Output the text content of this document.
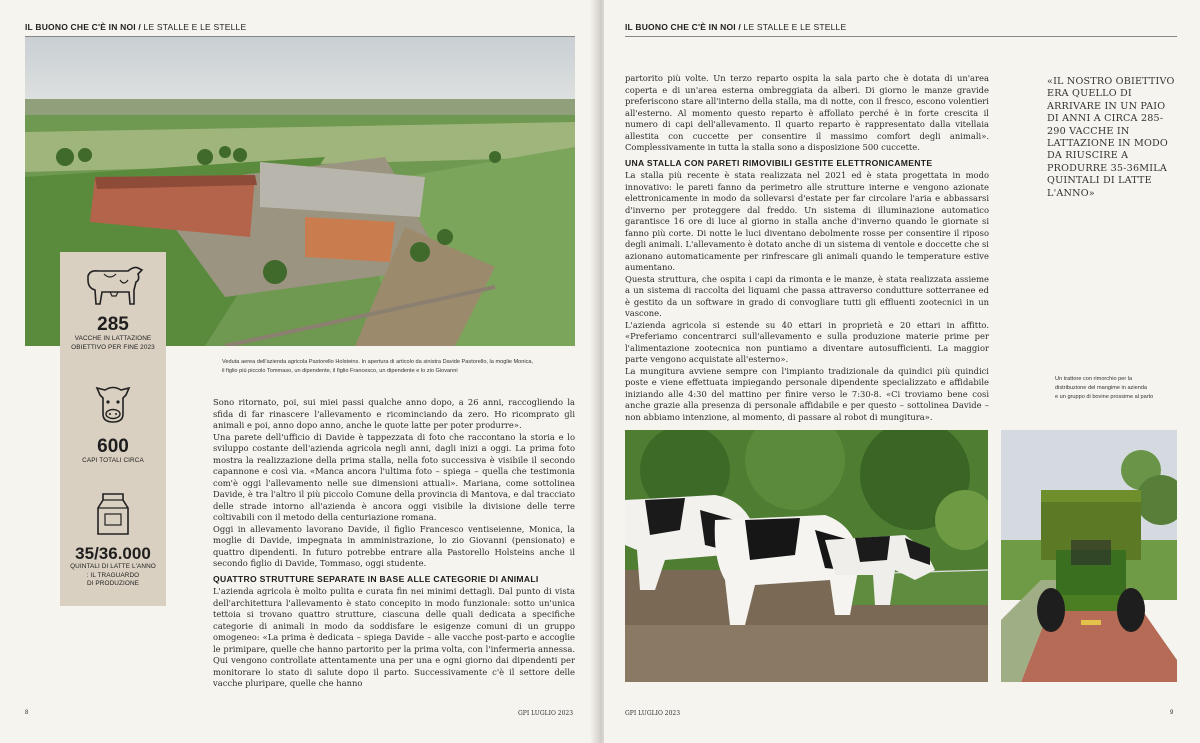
IL BUONO CHE C'È IN NOI / LE STALLE E LE STELLE
285
VACCHE IN LATTAZIONE
OBIETTIVO PER FINE 2023
600
CAPI TOTALI CIRCA
35/36.000
QUINTALI DI LATTE L'ANNO
: IL TRAGUARDO
DI PRODUZIONE
Veduta aerea dell'azienda agricola Pastorello Holsteins. In apertura di articolo da sinistra Davide Pastorello, la moglie Monica,
il figlio più piccolo Tommaso, un dipendente, il figlio Francesco, un dipendente e lo zio Giovanni

Sono ritornato, poi, sui miei passi qualche anno dopo, a 26 anni, raccogliendo la sfida di far rinascere l'allevamento e ricominciando da zero. Ho ricomprato gli animali e poi, anno dopo anno, anche le quote latte per poter produrre».

Una parete dell'ufficio di Davide è tappezzata di foto che raccontano la storia e lo sviluppo costante dell'azienda agricola negli anni, dagli inizi a oggi. La prima foto mostra la realizzazione della prima stalla, nella foto successiva è visibile il secondo capannone e così via. «Manca ancora l'ultima foto – spiega – quella che testimonia com'è oggi l'allevamento nelle sue dimensioni attuali». Mariana, come sottolinea Davide, è tra l'altro il più piccolo Comune della provincia di Mantova, e dal tracciato delle strade intorno all'azienda è ancora oggi visibile la divisione delle terre coltivabili con il metodo della centuriazione romana.

Oggi in allevamento lavorano Davide, il figlio Francesco ventiseienne, Monica, la moglie di Davide, impegnata in amministrazione, lo zio Giovanni (pensionato) e quattro dipendenti. In futuro potrebbe entrare alla Pastorello Holsteins anche il secondo figlio di Davide, Tommaso, oggi studente.

QUATTRO STRUTTURE SEPARATE IN BASE ALLE CATEGORIE DI ANIMALI

L'azienda agricola è molto pulita e curata fin nei minimi dettagli. Dal punto di vista dell'architettura l'allevamento è stato concepito in modo funzionale: sotto un'unica tettoia si trovano quattro strutture, ciascuna delle quali dedicata a specifiche categorie di animali in modo da soddisfare le esigenze comuni di un gruppo omogeneo: «La prima è dedicata – spiega Davide – alle vacche post-parto e accoglie le primipare, quelle che hanno partorito per la prima volta, con l'infermeria annessa. Qui vengono controllate attentamente una per una e ogni giorno dai dipendenti per monitorare lo stato di salute dopo il parto. Successivamente c'è il settore delle vacche pluripare, quelle che hanno

8	GPI LUGLIO 2023
IL BUONO CHE C'È IN NOI / LE STALLE E LE STELLE

partorito più volte. Un terzo reparto ospita la sala parto che è dotata di un'area coperta e di un'area esterna ombreggiata da alberi. Di giorno le manze gravide preferiscono stare all'interno della stalla, ma di notte, con il fresco, escono volentieri all'esterno. Al momento questo reparto è affollato perché è in forte crescita il numero di capi dell'allevamento. Il quarto reparto è rappresentato dalla vitellaia allestita con cuccette per consentire il massimo comfort degli animali». Complessivamente in tutta la stalla sono a disposizione 500 cuccette.

UNA STALLA CON PARETI RIMOVIBILI GESTITE ELETTRONICAMENTE

La stalla più recente è stata realizzata nel 2021 ed è stata progettata in modo innovativo: le pareti fanno da perimetro alle strutture interne e vengono azionate elettronicamente in modo da sollevarsi d'estate per far circolare l'aria e abbassarsi d'inverno per proteggere dal freddo. Un sistema di illuminazione automatico garantisce 16 ore di luce al giorno in stalla anche d'inverno quando le giornate si fanno più corte. Di notte le luci diventano debolmente rosse per consentire il riposo degli animali. L'allevamento è dotato anche di un sistema di ventole e doccette che si azionano automaticamente per rinfrescare gli animali quando le temperature estive aumentano.

Questa struttura, che ospita i capi da rimonta e le manze, è stata realizzata assieme a un sistema di raccolta dei liquami che passa attraverso condutture sotterranee ed è gestito da un software in grado di convogliare tutti gli effluenti zootecnici in un vascone.

L'azienda agricola si estende su 40 ettari in proprietà e 20 ettari in affitto. «Preferiamo concentrarci sull'allevamento e sulla produzione materie prime per l'alimentazione zootecnica non puntiamo a diventare autosufficienti. La maggior parte vengono acquistate all'esterno».

La mungitura avviene sempre con l'impianto tradizionale da quindici più quindici poste e viene effettuata impiegando personale dipendente specializzato e affidabile iniziando alle 4:30 del mattino per finire verso le 7:30-8. «Ci troviamo bene così anche grazie alla presenza di personale affidabile e per questo – sottolinea Davide – non abbiamo intenzione, al momento, di passare al robot di mungitura».

Un trattore con rimorchio per la
distribuzione del mangime in azienda
e un gruppo di bovine prossime al parto
«IL NOSTRO OBIETTIVO ERA QUELLO DI ARRIVARE IN UN PAIO DI ANNI A CIRCA 285-290 VACCHE IN LATTAZIONE IN MODO DA RIUSCIRE A PRODURRE 35-36MILA QUINTALI DI LATTE L'ANNO»
GPI LUGLIO 2023	9
